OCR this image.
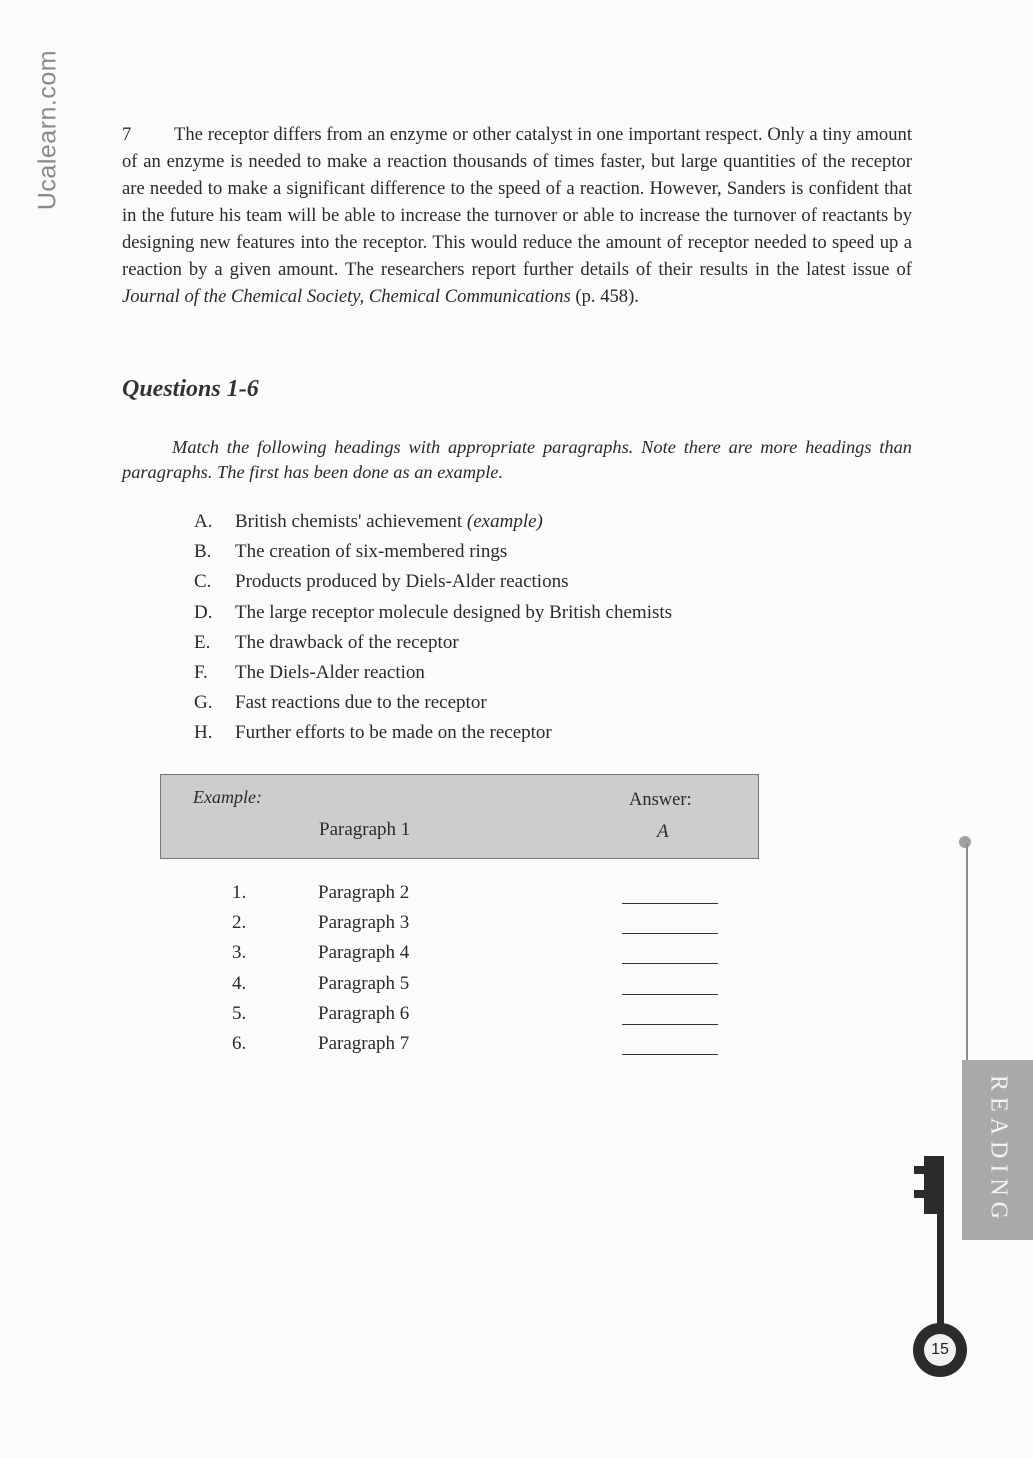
Ucalearn.com	7 The receptor differs from an enzyme or other catalyst in one important respect. Only a tiny amount of an enzyme is needed to make a reaction thousands of times faster, but large quantities of the receptor are needed to make a significant difference to the speed of a reaction. However, Sanders is confident that in the future his team will be able to increase the turnover or able to increase the turnover of reactants by designing new features into the receptor. This would reduce the amount of receptor needed to speed up a reaction by a given amount. The researchers report further details of their results in the latest issue of Journal of the Chemical Society, Chemical Communications (p. 458).

Questions 1-6

Match the following headings with appropriate paragraphs. Note there are more headings than paragraphs. The first has been done as an example.

A. British chemists' achievement (example)
B. The creation of six-membered rings
C. Products produced by Diels-Alder reactions
D. The large receptor molecule designed by British chemists
E. The drawback of the receptor
F. The Diels-Alder reaction
G. Fast reactions due to the receptor
H. Further efforts to be made on the receptor
Example:
Paragraph 1
Answer:
A
1.	Paragraph 2
2.	Paragraph 3
3.	Paragraph 4
4.	Paragraph 5
5.	Paragraph 6
6.	Paragraph 7
READING
15
